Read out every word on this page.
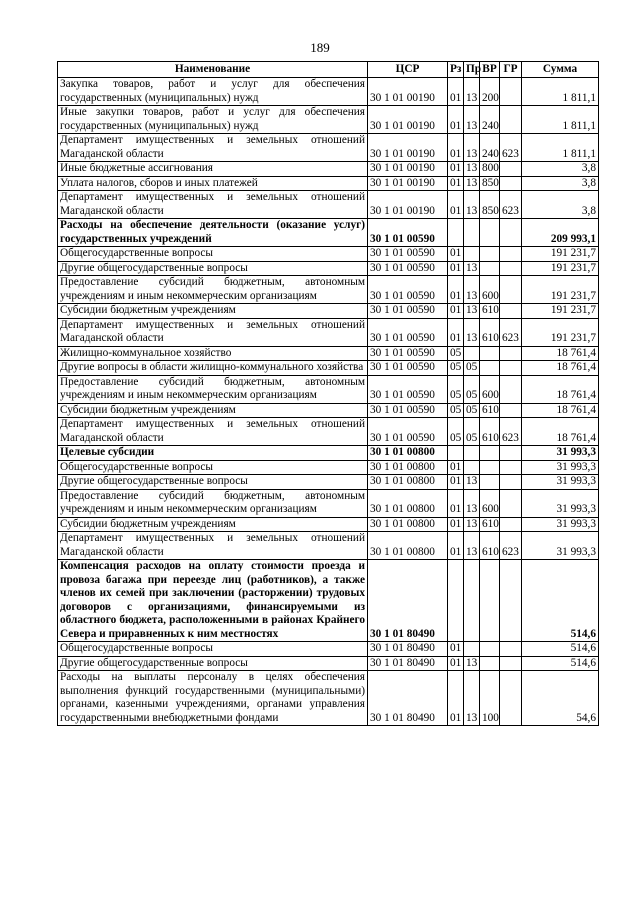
189
Наименование	ЦСР	Рз	Пр	ВР	ГР	Сумма
Закупка товаров, работ и услуг для обеспечения государственных (муниципальных) нужд	30 1 01 00190	01	13	200		1 811,1
Иные закупки товаров, работ и услуг для обеспечения государственных (муниципальных) нужд	30 1 01 00190	01	13	240		1 811,1
Департамент имущественных и земельных отношений Магаданской области	30 1 01 00190	01	13	240	623	1 811,1
Иные бюджетные ассигнования	30 1 01 00190	01	13	800		3,8
Уплата налогов, сборов и иных платежей	30 1 01 00190	01	13	850		3,8
Департамент имущественных и земельных отношений Магаданской области	30 1 01 00190	01	13	850	623	3,8
Расходы на обеспечение деятельности (оказание услуг) государственных учреждений	30 1 01 00590					209 993,1
Общегосударственные вопросы	30 1 01 00590	01				191 231,7
Другие общегосударственные вопросы	30 1 01 00590	01	13			191 231,7
Предоставление субсидий бюджетным, автономным учреждениям и иным некоммерческим организациям	30 1 01 00590	01	13	600		191 231,7
Субсидии бюджетным учреждениям	30 1 01 00590	01	13	610		191 231,7
Департамент имущественных и земельных отношений Магаданской области	30 1 01 00590	01	13	610	623	191 231,7
Жилищно-коммунальное хозяйство	30 1 01 00590	05				18 761,4
Другие вопросы в области жилищно-коммунального хозяйства	30 1 01 00590	05	05			18 761,4
Предоставление субсидий бюджетным, автономным учреждениям и иным некоммерческим организациям	30 1 01 00590	05	05	600		18 761,4
Субсидии бюджетным учреждениям	30 1 01 00590	05	05	610		18 761,4
Департамент имущественных и земельных отношений Магаданской области	30 1 01 00590	05	05	610	623	18 761,4
Целевые субсидии	30 1 01 00800					31 993,3
Общегосударственные вопросы	30 1 01 00800	01				31 993,3
Другие общегосударственные вопросы	30 1 01 00800	01	13			31 993,3
Предоставление субсидий бюджетным, автономным учреждениям и иным некоммерческим организациям	30 1 01 00800	01	13	600		31 993,3
Субсидии бюджетным учреждениям	30 1 01 00800	01	13	610		31 993,3
Департамент имущественных и земельных отношений Магаданской области	30 1 01 00800	01	13	610	623	31 993,3
Компенсация расходов на оплату стоимости проезда и провоза багажа при переезде лиц (работников), а также членов их семей при заключении (расторжении) трудовых договоров с организациями, финансируемыми из областного бюджета, расположенными в районах Крайнего Севера и приравненных к ним местностях	30 1 01 80490					514,6
Общегосударственные вопросы	30 1 01 80490	01				514,6
Другие общегосударственные вопросы	30 1 01 80490	01	13			514,6
Расходы на выплаты персоналу в целях обеспечения выполнения функций государственными (муниципальными) органами, казенными учреждениями, органами управления государственными внебюджетными фондами	30 1 01 80490	01	13	100		54,6
